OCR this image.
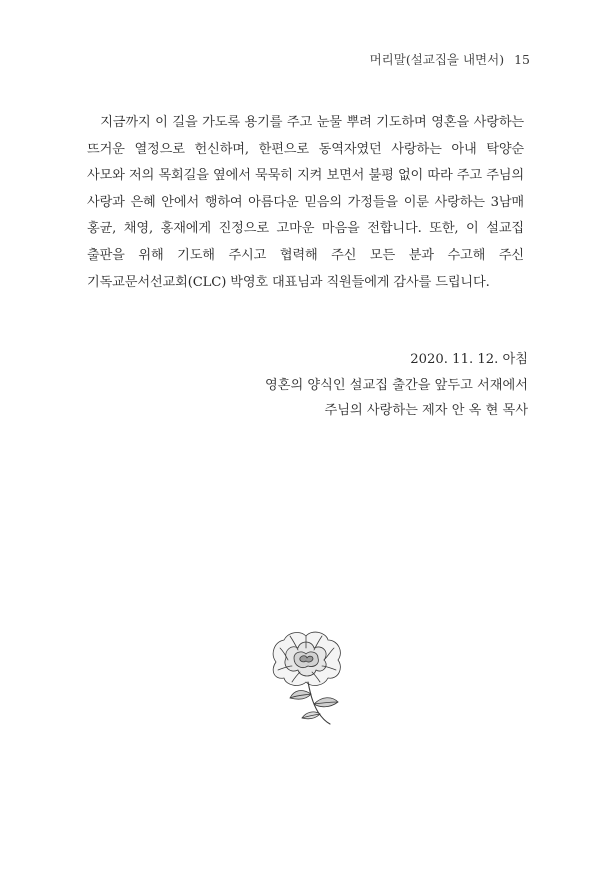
머리말(설교집을 내면서) 15

지금까지 이 길을 가도록 용기를 주고 눈물 뿌려 기도하며 영혼을 사랑하는 뜨거운 열정으로 헌신하며, 한편으로 동역자였던 사랑하는 아내 탁양순 사모와 저의 목회길을 옆에서 묵묵히 지켜 보면서 불평 없이 따라 주고 주님의 사랑과 은혜 안에서 행하여 아름다운 믿음의 가정들을 이룬 사랑하는 3남매 홍균, 채영, 홍재에게 진정으로 고마운 마음을 전합니다. 또한, 이 설교집 출판을 위해 기도해 주시고 협력해 주신 모든 분과 수고해 주신 기독교문서선교회(CLC) 박영호 대표님과 직원들에게 감사를 드립니다.

2020. 11. 12. 아침
영혼의 양식인 설교집 출간을 앞두고 서재에서
주님의 사랑하는 제자 안 옥 현 목사
